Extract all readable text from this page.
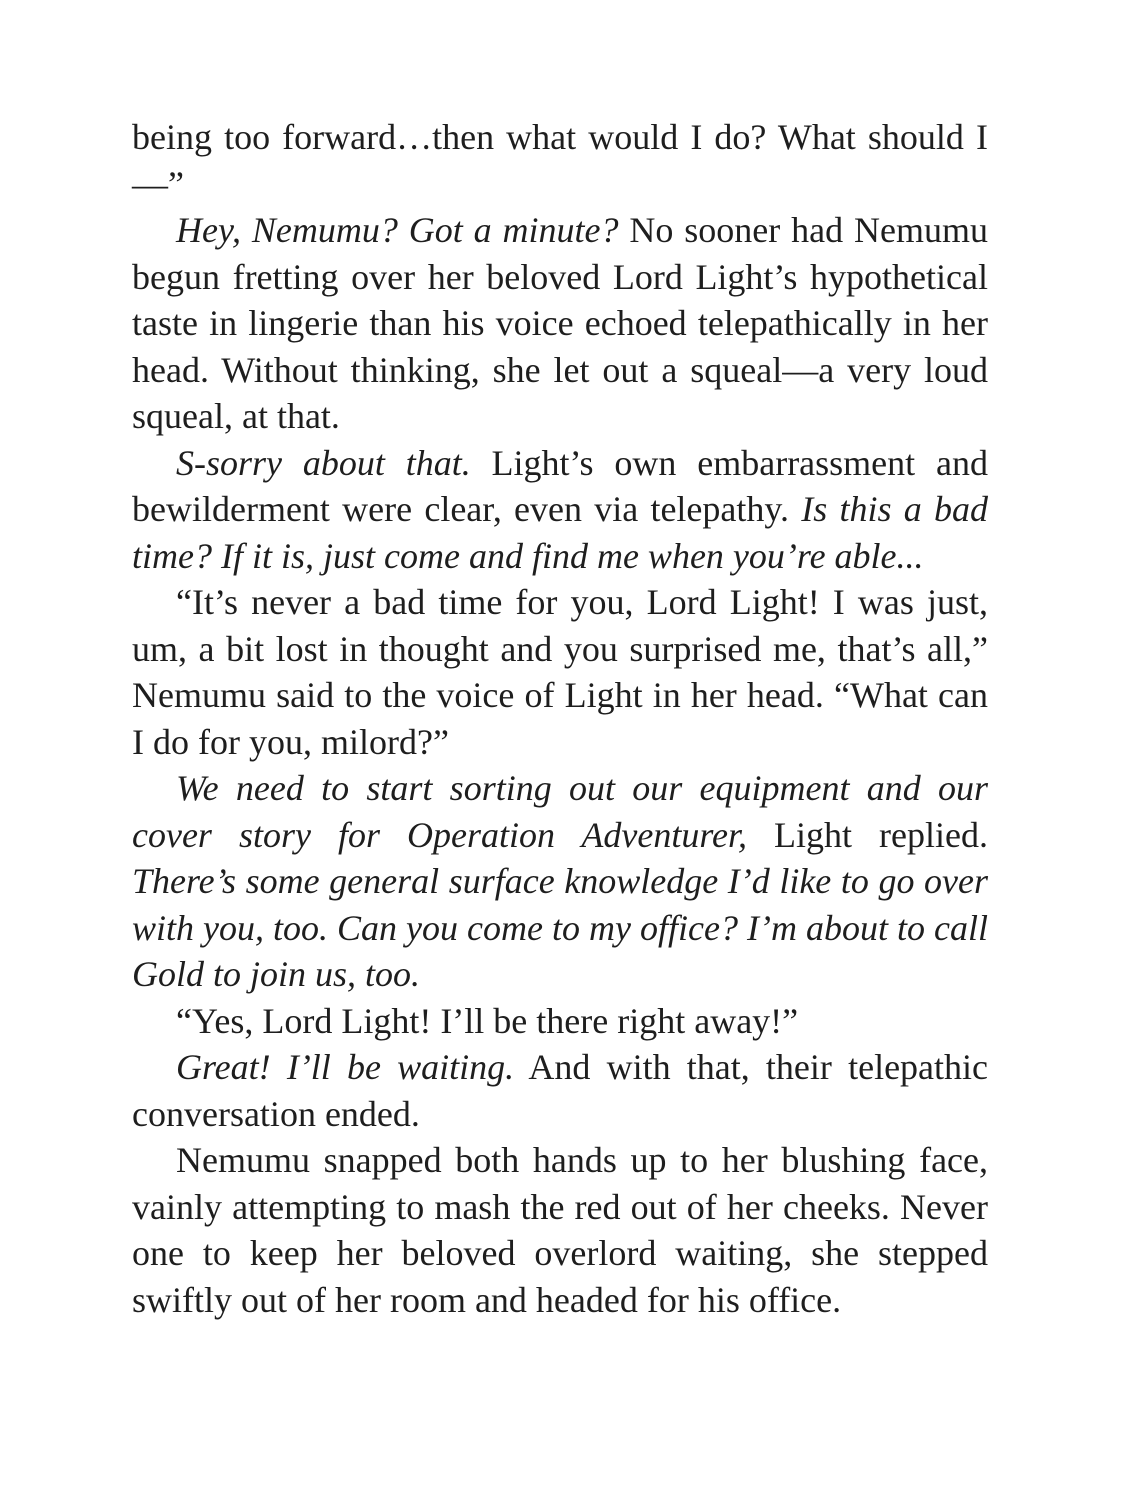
being too forward…then what would I do? What should I—”

Hey, Nemumu? Got a minute? No sooner had Nemumu begun fretting over her beloved Lord Light’s hypothetical taste in lingerie than his voice echoed telepathically in her head. Without thinking, she let out a squeal—a very loud squeal, at that.

S-sorry about that. Light’s own embarrassment and bewilderment were clear, even via telepathy. Is this a bad time? If it is, just come and find me when you’re able...

“It’s never a bad time for you, Lord Light! I was just, um, a bit lost in thought and you surprised me, that’s all,” Nemumu said to the voice of Light in her head. “What can I do for you, milord?”

We need to start sorting out our equipment and our cover story for Operation Adventurer, Light replied. There’s some general surface knowledge I’d like to go over with you, too. Can you come to my office? I’m about to call Gold to join us, too.

“Yes, Lord Light! I’ll be there right away!”

Great! I’ll be waiting. And with that, their telepathic conversation ended.

Nemumu snapped both hands up to her blushing face, vainly attempting to mash the red out of her cheeks. Never one to keep her beloved overlord waiting, she stepped swiftly out of her room and headed for his office.
